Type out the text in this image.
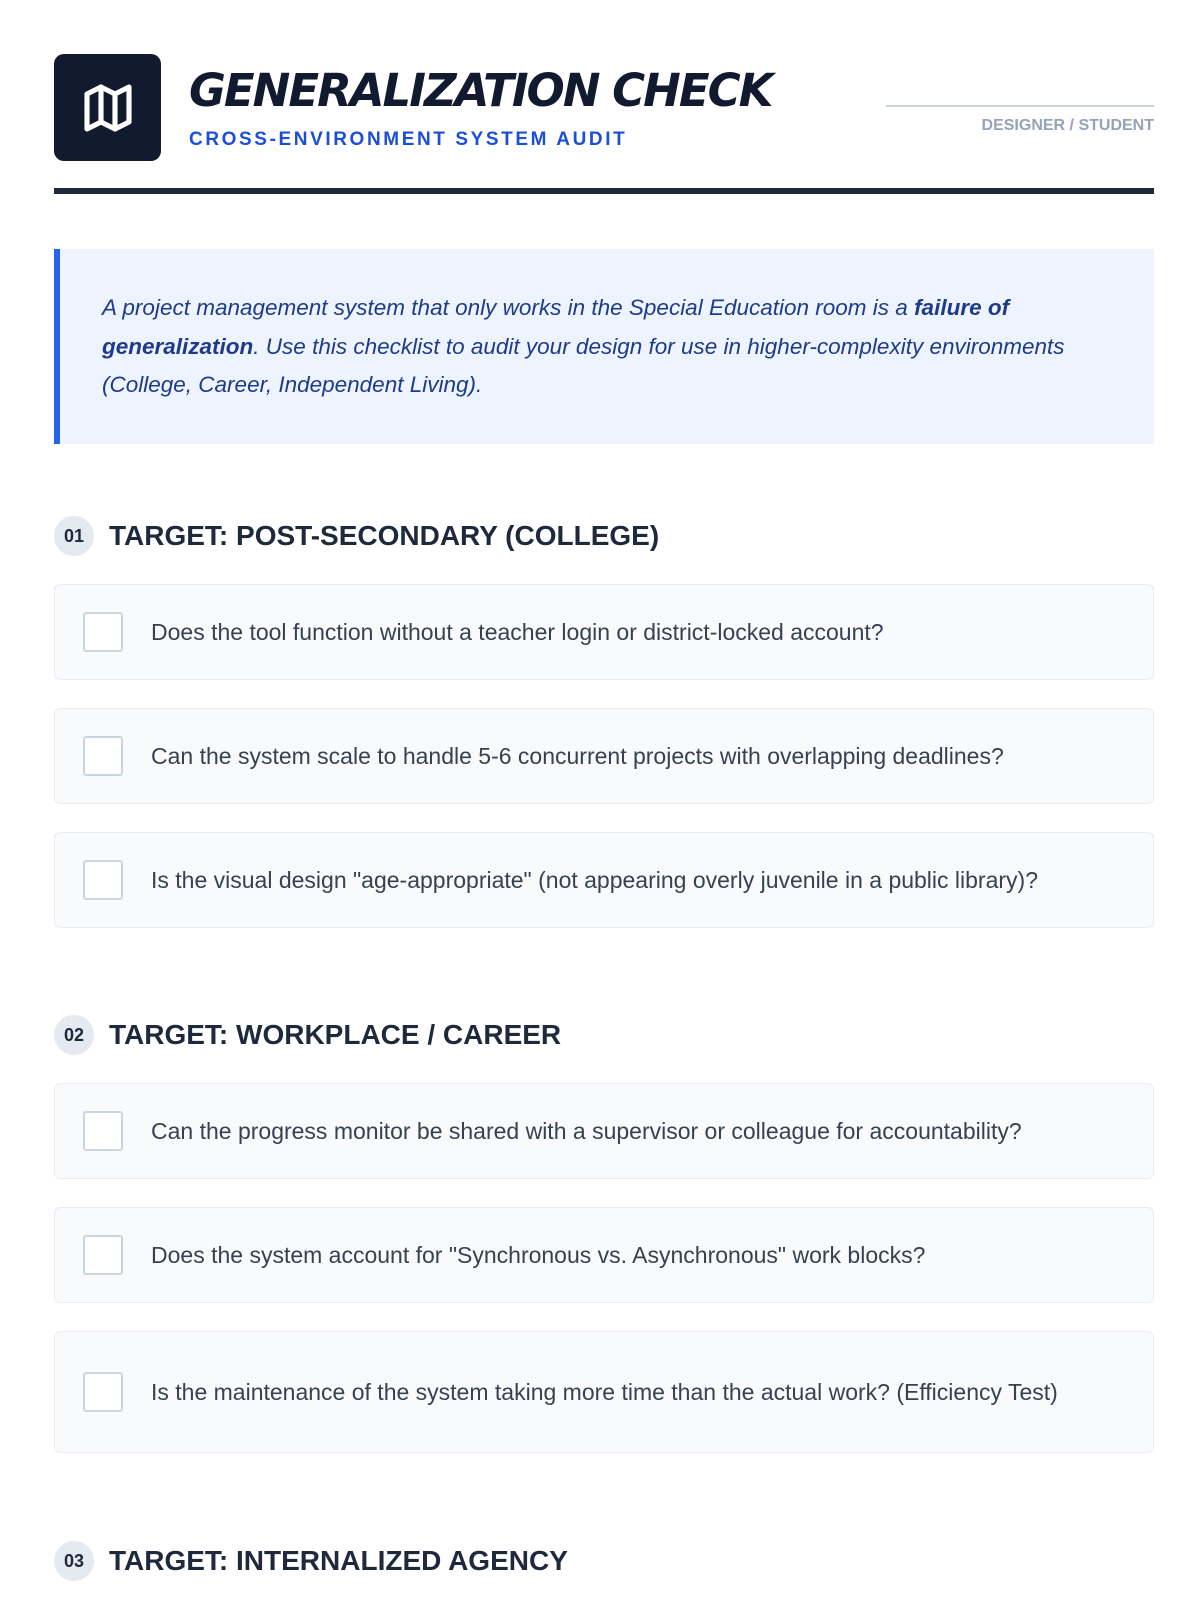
GENERALIZATION CHECK
CROSS-ENVIRONMENT SYSTEM AUDIT
DESIGNER / STUDENT
A project management system that only works in the Special Education room is a failure of generalization. Use this checklist to audit your design for use in higher-complexity environments (College, Career, Independent Living).
01 TARGET: POST-SECONDARY (COLLEGE)
Does the tool function without a teacher login or district-locked account?
Can the system scale to handle 5-6 concurrent projects with overlapping deadlines?
Is the visual design "age-appropriate" (not appearing overly juvenile in a public library)?
02 TARGET: WORKPLACE / CAREER
Can the progress monitor be shared with a supervisor or colleague for accountability?
Does the system account for "Synchronous vs. Asynchronous" work blocks?
Is the maintenance of the system taking more time than the actual work? (Efficiency Test)
03 TARGET: INTERNALIZED AGENCY
